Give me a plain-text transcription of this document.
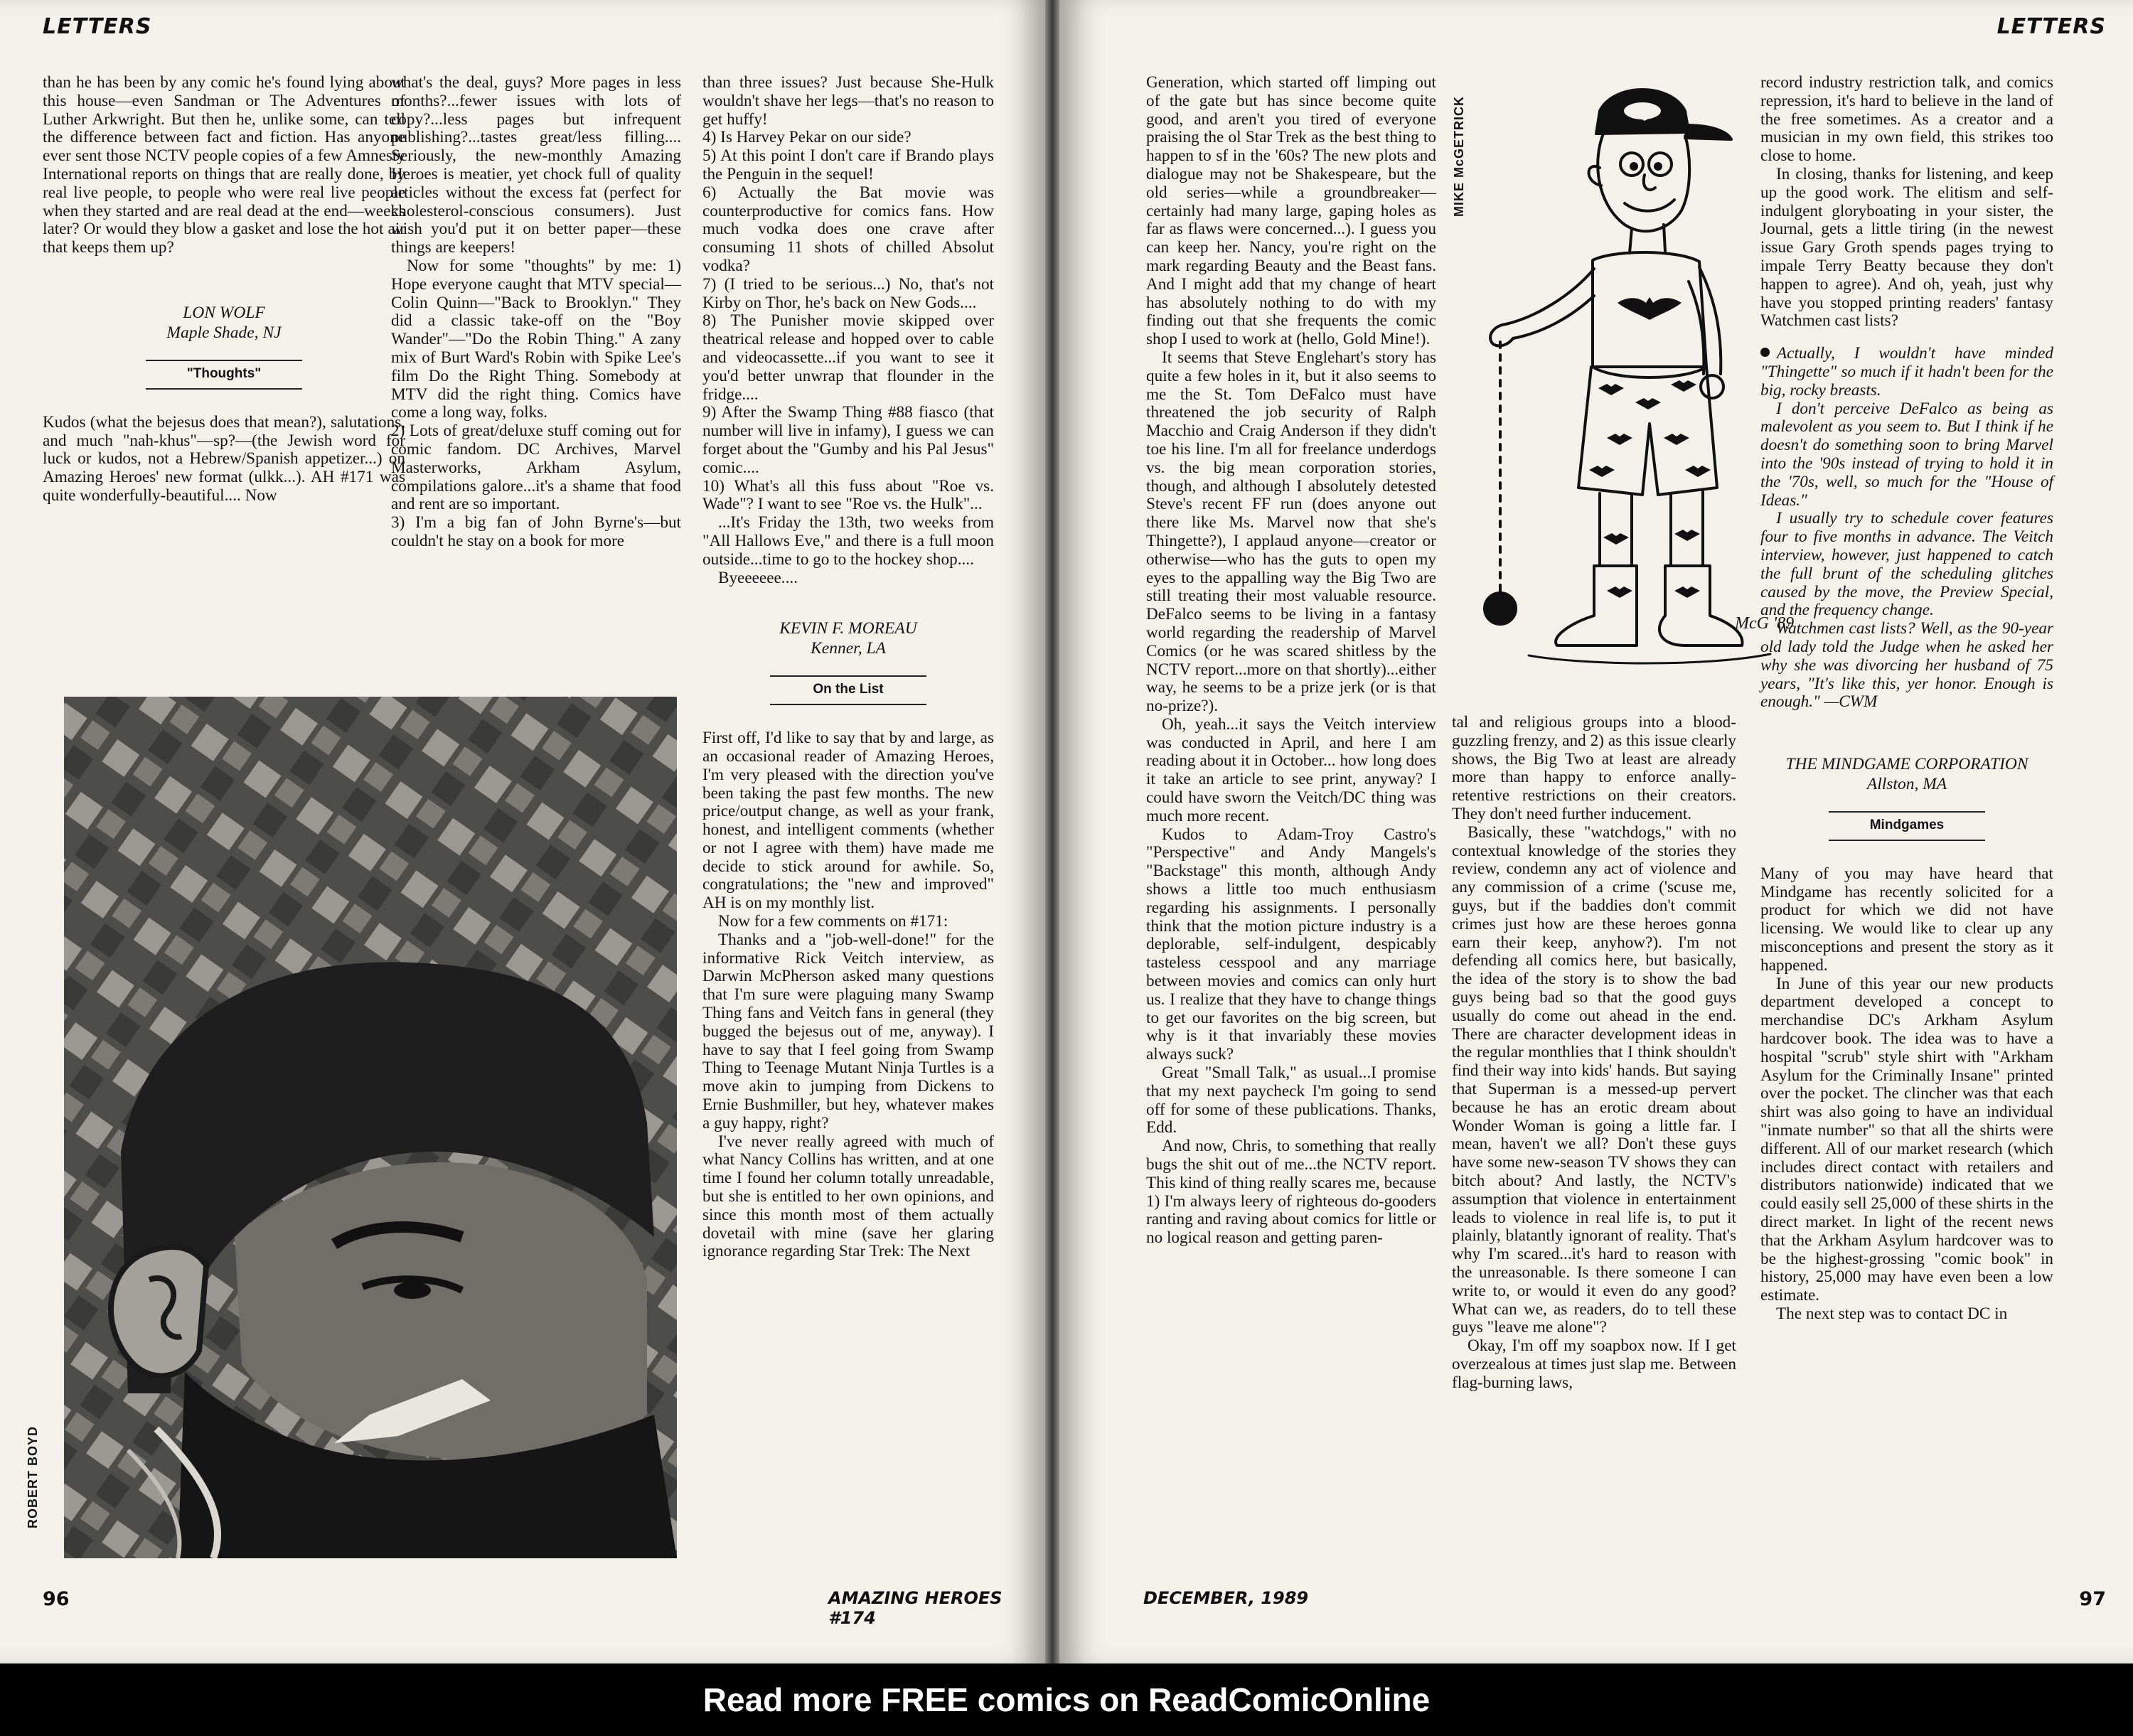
LETTERS

than he has been by any comic he's found lying about this house—even Sandman or The Adventures of Luther Arkwright. But then he, unlike some, can tell the difference between fact and fiction. Has anyone ever sent those NCTV people copies of a few Amnesty International reports on things that are really done, by real live people, to people who were real live people when they started and are real dead at the end—weeks later? Or would they blow a gasket and lose the hot air that keeps them up?

LON WOLF
Maple Shade, NJ
"Thoughts"

Kudos (what the bejesus does that mean?), salutations, and much "nah-khus"—sp?—(the Jewish word for luck or kudos, not a Hebrew/Spanish appetizer...) on Amazing Heroes' new format (ulkk...). AH #171 was quite wonderfully-beautiful.... Now

what's the deal, guys? More pages in less months?...fewer issues with lots of copy?...less pages but infrequent publishing?...tastes great/less filling.... Seriously, the new-monthly Amazing Heroes is meatier, yet chock full of quality articles without the excess fat (perfect for cholesterol-conscious consumers). Just wish you'd put it on better paper—these things are keepers!

Now for some "thoughts" by me: 1) Hope everyone caught that MTV special—Colin Quinn—"Back to Brooklyn." They did a classic take-off on the "Boy Wander"—"Do the Robin Thing." A zany mix of Burt Ward's Robin with Spike Lee's film Do the Right Thing. Somebody at MTV did the right thing. Comics have come a long way, folks.

2) Lots of great/deluxe stuff coming out for comic fandom. DC Archives, Marvel Masterworks, Arkham Asylum, compilations galore...it's a shame that food and rent are so important.

3) I'm a big fan of John Byrne's—but couldn't he stay on a book for more

than three issues? Just because She-Hulk wouldn't shave her legs—that's no reason to get huffy!

4) Is Harvey Pekar on our side?

5) At this point I don't care if Brando plays the Penguin in the sequel!

6) Actually the Bat movie was counterproductive for comics fans. How much vodka does one crave after consuming 11 shots of chilled Absolut vodka?

7) (I tried to be serious...) No, that's not Kirby on Thor, he's back on New Gods....

8) The Punisher movie skipped over theatrical release and hopped over to cable and videocassette...if you want to see it you'd better unwrap that flounder in the fridge....

9) After the Swamp Thing #88 fiasco (that number will live in infamy), I guess we can forget about the "Gumby and his Pal Jesus" comic....

10) What's all this fuss about "Roe vs. Wade"? I want to see "Roe vs. the Hulk"...

...It's Friday the 13th, two weeks from "All Hallows Eve," and there is a full moon outside...time to go to the hockey shop....

Byeeeeee....

KEVIN F. MOREAU
Kenner, LA
On the List

First off, I'd like to say that by and large, as an occasional reader of Amazing Heroes, I'm very pleased with the direction you've been taking the past few months. The new price/output change, as well as your frank, honest, and intelligent comments (whether or not I agree with them) have made me decide to stick around for awhile. So, congratulations; the "new and improved" AH is on my monthly list.

Now for a few comments on #171:

Thanks and a "job-well-done!" for the informative Rick Veitch interview, as Darwin McPherson asked many questions that I'm sure were plaguing many Swamp Thing fans and Veitch fans in general (they bugged the bejesus out of me, anyway). I have to say that I feel going from Swamp Thing to Teenage Mutant Ninja Turtles is a move akin to jumping from Dickens to Ernie Bushmiller, but hey, whatever makes a guy happy, right?

I've never really agreed with much of what Nancy Collins has written, and at one time I found her column totally unreadable, but she is entitled to her own opinions, and since this month most of them actually dovetail with mine (save her glaring ignorance regarding Star Trek: The Next

ROBERT BOYD
96	AMAZING HEROES #174
LETTERS

Generation, which started off limping out of the gate but has since become quite good, and aren't you tired of everyone praising the ol Star Trek as the best thing to happen to sf in the '60s? The new plots and dialogue may not be Shakespeare, but the old series—while a groundbreaker—certainly had many large, gaping holes as far as flaws were concerned...). I guess you can keep her. Nancy, you're right on the mark regarding Beauty and the Beast fans. And I might add that my change of heart has absolutely nothing to do with my finding out that she frequents the comic shop I used to work at (hello, Gold Mine!).

It seems that Steve Englehart's story has quite a few holes in it, but it also seems to me the St. Tom DeFalco must have threatened the job security of Ralph Macchio and Craig Anderson if they didn't toe his line. I'm all for freelance underdogs vs. the big mean corporation stories, though, and although I absolutely detested Steve's recent FF run (does anyone out there like Ms. Marvel now that she's Thingette?), I applaud anyone—creator or otherwise—who has the guts to open my eyes to the appalling way the Big Two are still treating their most valuable resource. DeFalco seems to be living in a fantasy world regarding the readership of Marvel Comics (or he was scared shitless by the NCTV report...more on that shortly)...either way, he seems to be a prize jerk (or is that no-prize?).

Oh, yeah...it says the Veitch interview was conducted in April, and here I am reading about it in October... how long does it take an article to see print, anyway? I could have sworn the Veitch/DC thing was much more recent.

Kudos to Adam-Troy Castro's "Perspective" and Andy Mangels's "Backstage" this month, although Andy shows a little too much enthusiasm regarding his assignments. I personally think that the motion picture industry is a deplorable, self-indulgent, despicably tasteless cesspool and any marriage between movies and comics can only hurt us. I realize that they have to change things to get our favorites on the big screen, but why is it that invariably these movies always suck?

Great "Small Talk," as usual...I promise that my next paycheck I'm going to send off for some of these publications. Thanks, Edd.

And now, Chris, to something that really bugs the shit out of me...the NCTV report. This kind of thing really scares me, because 1) I'm always leery of righteous do-gooders ranting and raving about comics for little or no logical reason and getting paren-

MIKE McGETRICK
McG '89

tal and religious groups into a blood-guzzling frenzy, and 2) as this issue clearly shows, the Big Two at least are already more than happy to enforce anally-retentive restrictions on their creators. They don't need further inducement.

Basically, these "watchdogs," with no contextual knowledge of the stories they review, condemn any act of violence and any commission of a crime ('scuse me, guys, but if the baddies don't commit crimes just how are these heroes gonna earn their keep, anyhow?). I'm not defending all comics here, but basically, the idea of the story is to show the bad guys being bad so that the good guys usually do come out ahead in the end. There are character development ideas in the regular monthlies that I think shouldn't find their way into kids' hands. But saying that Superman is a messed-up pervert because he has an erotic dream about Wonder Woman is going a little far. I mean, haven't we all? Don't these guys have some new-season TV shows they can bitch about? And lastly, the NCTV's assumption that violence in entertainment leads to violence in real life is, to put it plainly, blatantly ignorant of reality. That's why I'm scared...it's hard to reason with the unreasonable. Is there someone I can write to, or would it even do any good? What can we, as readers, do to tell these guys "leave me alone"?

Okay, I'm off my soapbox now. If I get overzealous at times just slap me. Between flag-burning laws,

record industry restriction talk, and comics repression, it's hard to believe in the land of the free sometimes. As a creator and a musician in my own field, this strikes too close to home.

In closing, thanks for listening, and keep up the good work. The elitism and self-indulgent gloryboating in your sister, the Journal, gets a little tiring (in the newest issue Gary Groth spends pages trying to impale Terry Beatty because they don't happen to agree). And oh, yeah, just why have you stopped printing readers' fantasy Watchmen cast lists?

Actually, I wouldn't have minded "Thingette" so much if it hadn't been for the big, rocky breasts.

I don't perceive DeFalco as being as malevolent as you seem to. But I think if he doesn't do something soon to bring Marvel into the '90s instead of trying to hold it in the '70s, well, so much for the "House of Ideas."

I usually try to schedule cover features four to five months in advance. The Veitch interview, however, just happened to catch the full brunt of the scheduling glitches caused by the move, the Preview Special, and the frequency change.

Watchmen cast lists? Well, as the 90-year old lady told the Judge when he asked her why she was divorcing her husband of 75 years, "It's like this, yer honor. Enough is enough." —CWM

THE MINDGAME CORPORATION
Allston, MA
Mindgames

Many of you may have heard that Mindgame has recently solicited for a product for which we did not have licensing. We would like to clear up any misconceptions and present the story as it happened.

In June of this year our new products department developed a concept to merchandise DC's Arkham Asylum hardcover book. The idea was to have a hospital "scrub" style shirt with "Arkham Asylum for the Criminally Insane" printed over the pocket. The clincher was that each shirt was also going to have an individual "inmate number" so that all the shirts were different. All of our market research (which includes direct contact with retailers and distributors nationwide) indicated that we could easily sell 25,000 of these shirts in the direct market. In light of the recent news that the Arkham Asylum hardcover was to be the highest-grossing "comic book" in history, 25,000 may have even been a low estimate.

The next step was to contact DC in

DECEMBER, 1989	97
Read more FREE comics on ReadComicOnline
